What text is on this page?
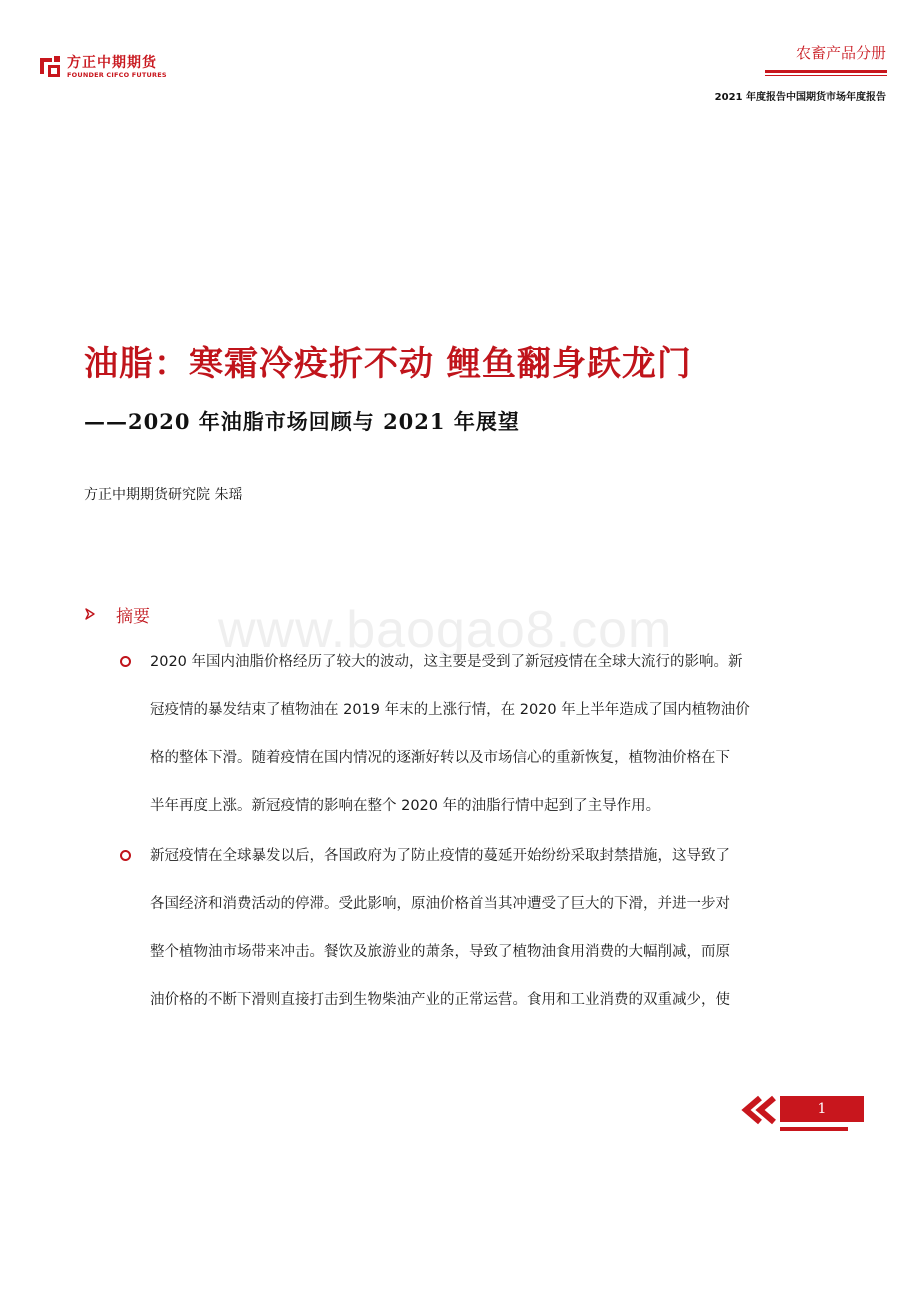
方正中期期货
FOUNDER CIFCO FUTURES
农畜产品分册
2021 年度报告中国期货市场年度报告
油脂：寒霜冷疫折不动 鲤鱼翻身跃龙门
——2020 年油脂市场回顾与 2021 年展望
方正中期期货研究院 朱瑶
www.baogao8.com
摘要
2020 年国内油脂价格经历了较大的波动，这主要是受到了新冠疫情在全球大流行的影响。新
冠疫情的暴发结束了植物油在 2019 年末的上涨行情，在 2020 年上半年造成了国内植物油价
格的整体下滑。随着疫情在国内情况的逐渐好转以及市场信心的重新恢复，植物油价格在下
半年再度上涨。新冠疫情的影响在整个 2020 年的油脂行情中起到了主导作用。
新冠疫情在全球暴发以后，各国政府为了防止疫情的蔓延开始纷纷采取封禁措施，这导致了
各国经济和消费活动的停滞。受此影响，原油价格首当其冲遭受了巨大的下滑，并进一步对
整个植物油市场带来冲击。餐饮及旅游业的萧条，导致了植物油食用消费的大幅削减，而原
油价格的不断下滑则直接打击到生物柴油产业的正常运营。食用和工业消费的双重减少，使
1
